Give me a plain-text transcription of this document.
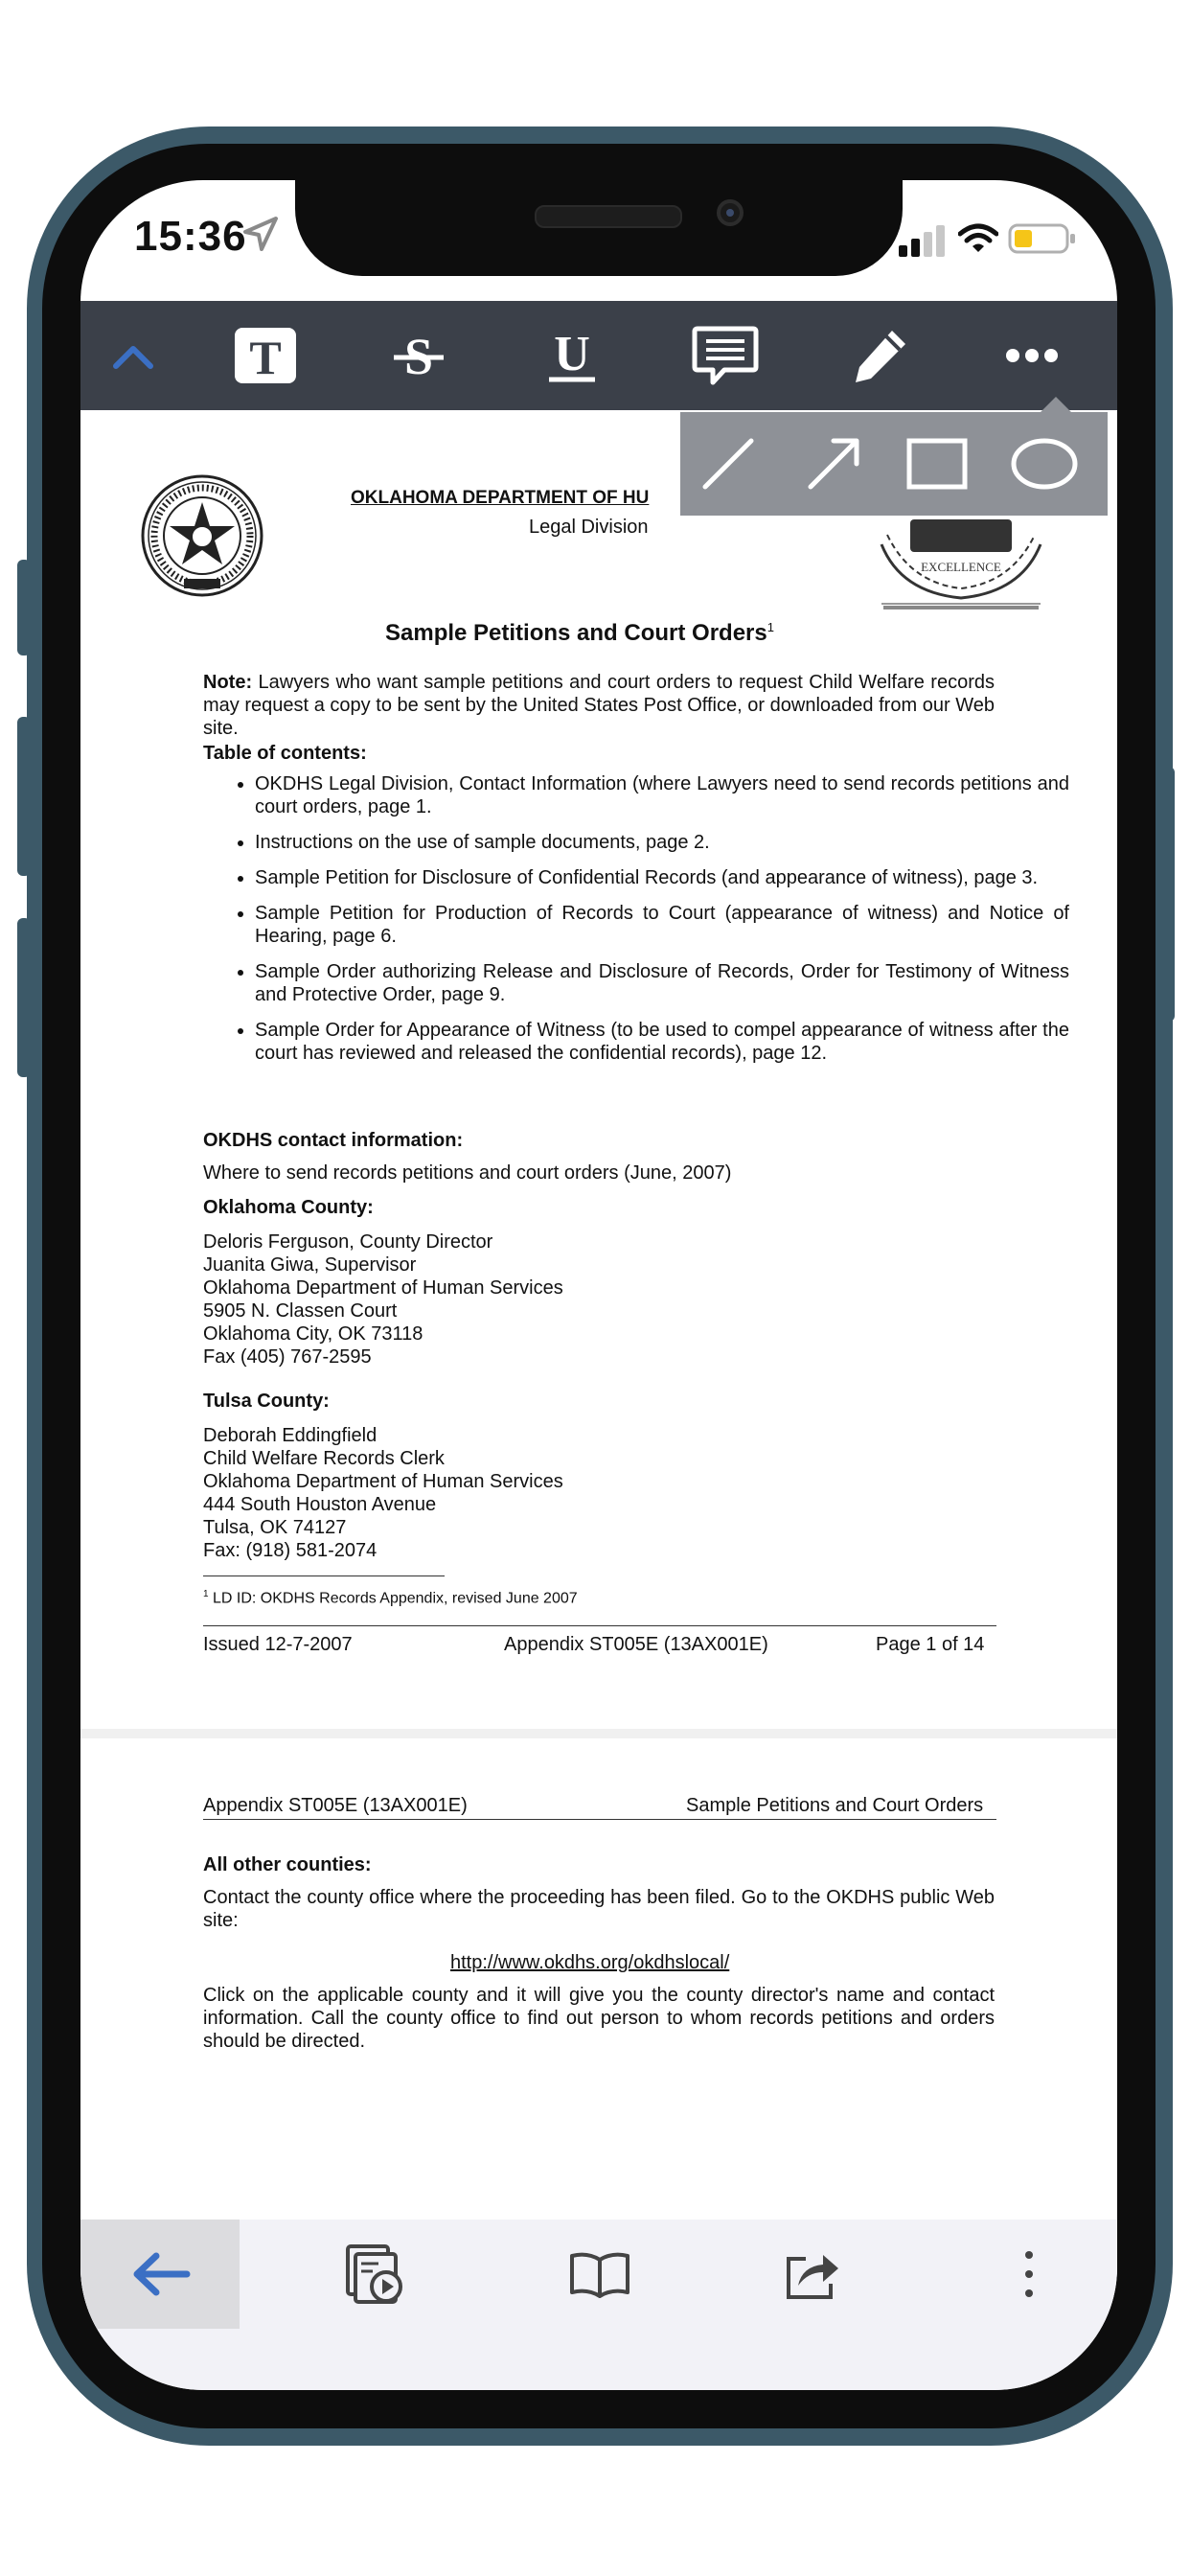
15:36
T S U
OKLAHOMA DEPARTMENT OF HU
Legal Division
EXCELLENCE
Sample Petitions and Court Orders$^1$
Note: Lawyers who want sample petitions and court orders to request Child Welfare records may request a copy to be sent by the United States Post Office, or downloaded from our Web site.
Table of contents:
• OKDHS Legal Division, Contact Information (where Lawyers need to send records petitions and court orders, page 1.
• Instructions on the use of sample documents, page 2.
• Sample Petition for Disclosure of Confidential Records (and appearance of witness), page 3.
• Sample Petition for Production of Records to Court (appearance of witness) and Notice of Hearing, page 6.
• Sample Order authorizing Release and Disclosure of Records, Order for Testimony of Witness and Protective Order, page 9.
• Sample Order for Appearance of Witness (to be used to compel appearance of witness after the court has reviewed and released the confidential records), page 12.
OKDHS contact information:
Where to send records petitions and court orders (June, 2007)
Oklahoma County:
Deloris Ferguson, County Director
Juanita Giwa, Supervisor
Oklahoma Department of Human Services
5905 N. Classen Court
Oklahoma City, OK 73118
Fax (405) 767-2595
Tulsa County:
Deborah Eddingfield
Child Welfare Records Clerk
Oklahoma Department of Human Services
444 South Houston Avenue
Tulsa, OK 74127
Fax: (918) 581-2074
$^1$ LD ID: OKDHS Records Appendix, revised June 2007
Issued 12-7-2007	Appendix ST005E (13AX001E)	Page 1 of 14
Appendix ST005E (13AX001E)	Sample Petitions and Court Orders
All other counties:
Contact the county office where the proceeding has been filed. Go to the OKDHS public Web site:
http://www.okdhs.org/okdhslocal/
Click on the applicable county and it will give you the county director's name and contact information. Call the county office to find out person to whom records petitions and orders should be directed.
